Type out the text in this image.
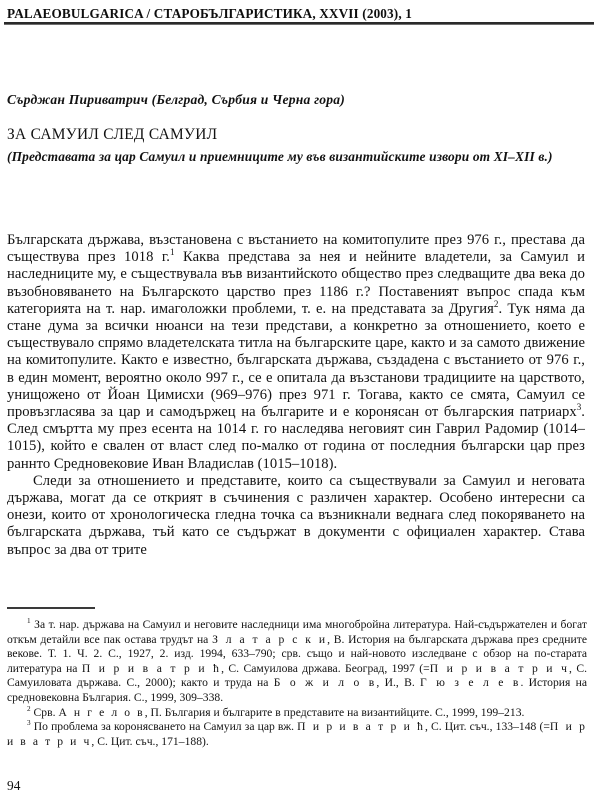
PALAEOBULGARICA / СТАРОБЪЛГАРИСТИКА, XXVII (2003), 1
Сърджан Пириватрич (Белград, Сърбия и Черна гора)
ЗА САМУИЛ СЛЕД САМУИЛ
(Представата за цар Самуил и приемниците му във византийските извори от XI–XII в.)

Българската държава, възстановена с въстанието на комитопулите през 976 г., престава да съществува през 1018 г.$^1$ Каква представа за нея и нейните владетели, за Самуил и наследниците му, е съществувала във византийското общество през следващите два века до възобновяването на Българското царство през 1186 г.? Поставеният въпрос спада към категорията на т. нар. имаголожки проблеми, т. е. на представата за Другия$^2$. Тук няма да стане дума за всички нюанси на тези представи, а конкретно за отношението, което е съществувало спрямо владетелската титла на българските царе, както и за самото движение на комитопулите. Както е известно, българската държава, създадена с въстанието от 976 г., в един момент, вероятно около 997 г., се е опитала да възстанови традициите на царството, унищожено от Йоан Цимисхи (969–976) през 971 г. Тогава, както се смята, Самуил се провъзгласява за цар и самодържец на българите и е коронясан от българския патриарх$^3$. След смъртта му през есента на 1014 г. го наследява неговият син Гаврил Радомир (1014–1015), който е свален от власт след по-малко от година от последния български цар през раннто Средновековие Иван Владислав (1015–1018).

Следи за отношението и представите, които са съществували за Самуил и неговата държава, могат да се открият в съчинения с различен характер. Особено интересни са онези, които от хронологическа гледна точка са възникнали веднага след покоряването на българската държава, тъй като се съдържат в документи с официален характер. Става въпрос за два от трите

$^1$ За т. нар. държава на Самуил и неговите наследници има многобройна литература. Най-съдържателен и богат откъм детайли все пак остава трудът на З л а т а р с к и, В. История на българската държава през средните векове. Т. 1. Ч. 2. С., 1927, 2. изд. 1994, 633–790; срв. също и най-новото изследване с обзор на по-старата литература на П и р и в а т р и ћ, С. Самуилова држава. Београд, 1997 (=П и р и в а т р и ч, С. Самуиловата държава. С., 2000); както и труда на Б о ж и л о в, И., В. Г ю з е л е в. История на средновековна България. С., 1999, 309–338.

$^2$ Срв. А н г е л о в, П. България и българите в представите на византийците. С., 1999, 199–213.

$^3$ По проблема за коронясването на Самуил за цар вж. П и р и в а т р и ћ, С. Цит. съч., 133–148 (=П и р и в а т р и ч, С. Цит. съч., 171–188).

94
